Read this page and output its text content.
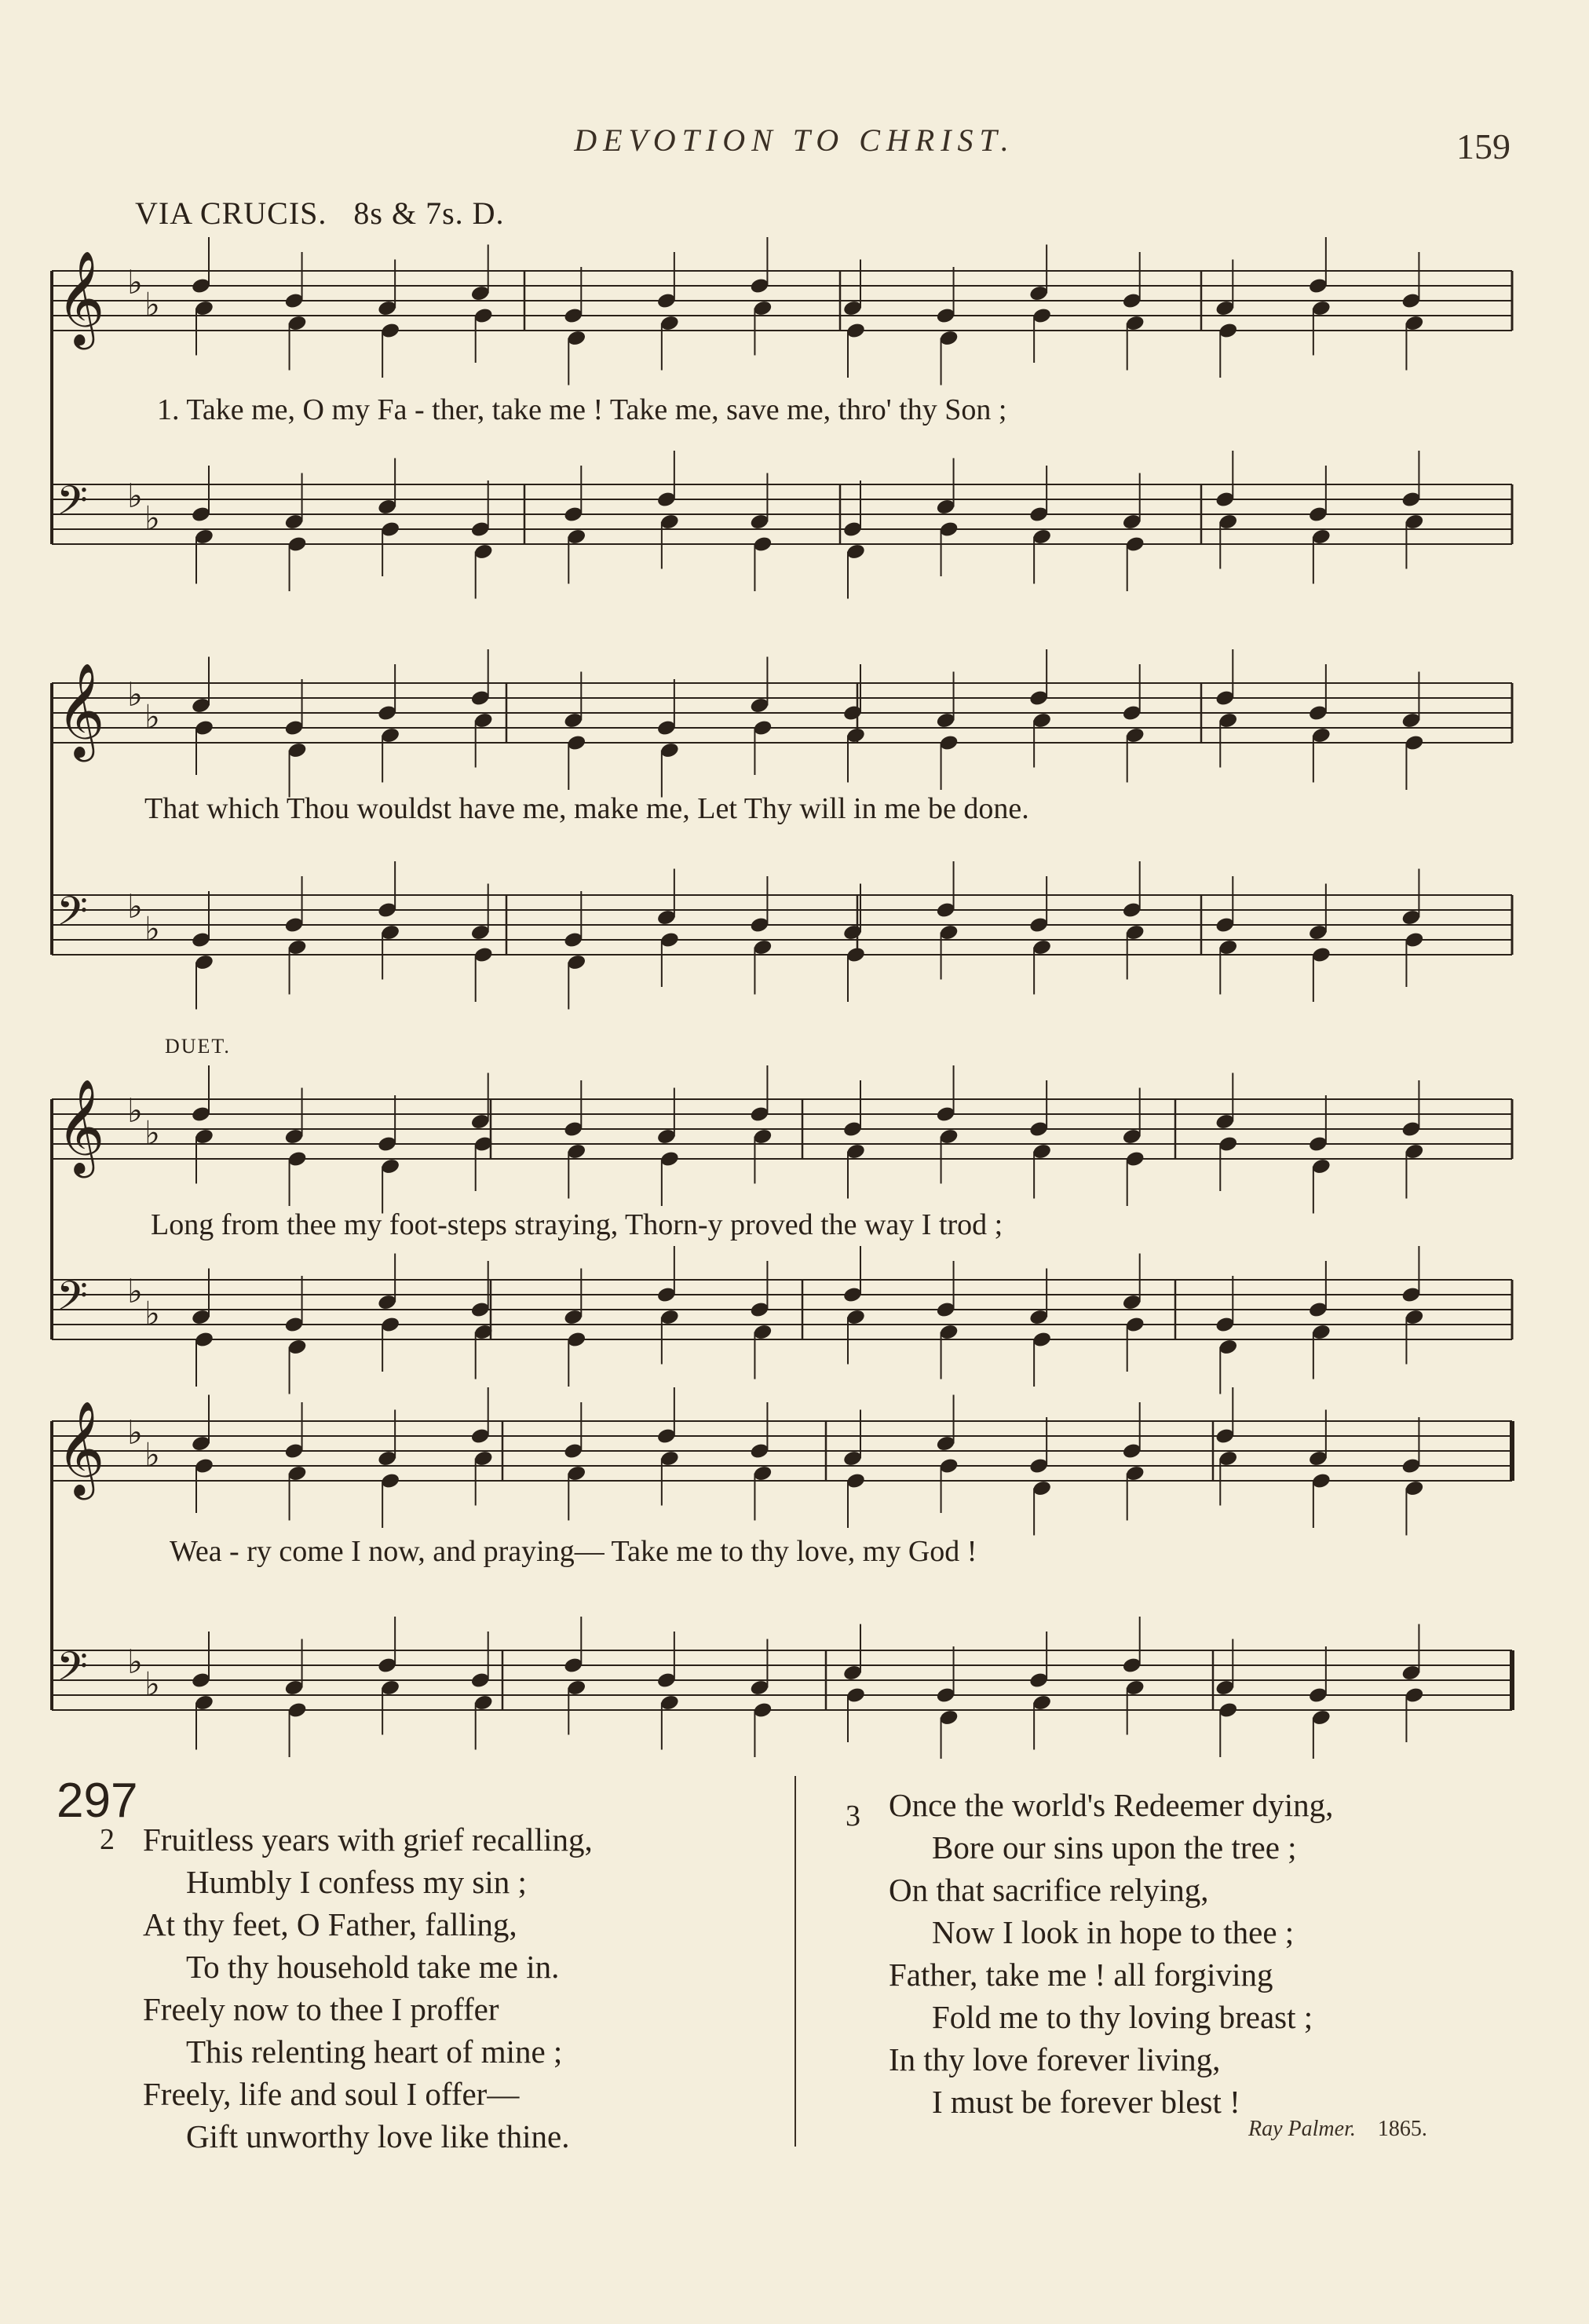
DEVOTION TO CHRIST.	159
VIA CRUCIS. 8s & 7s. D.
𝄞 ♭
♭
𝄢 ♭
♭
𝄞 ♭
♭
𝄢 ♭
♭
𝄞 ♭
♭
𝄢 ♭
♭
𝄞 ♭
♭
𝄢 ♭
♭
DUET.
1. Take me, O my Fa - ther, take me ! Take me, save me, thro' thy Son ;
That which Thou wouldst have me, make me, Let Thy will in me be done.
Long from thee my foot-steps straying, Thorn-y proved the way I trod ;
Wea - ry come I now, and praying— Take me to thy love, my God !
297
2 Fruitless years with grief recalling,
Humbly I confess my sin ;
At thy feet, O Father, falling,
To thy household take me in.
Freely now to thee I proffer
This relenting heart of mine ;
Freely, life and soul I offer—
Gift unworthy love like thine.
3 Once the world's Redeemer dying,
Bore our sins upon the tree ;
On that sacrifice relying,
Now I look in hope to thee ;
Father, take me ! all forgiving
Fold me to thy loving breast ;
In thy love forever living,
I must be forever blest !
Ray Palmer. 1865.
